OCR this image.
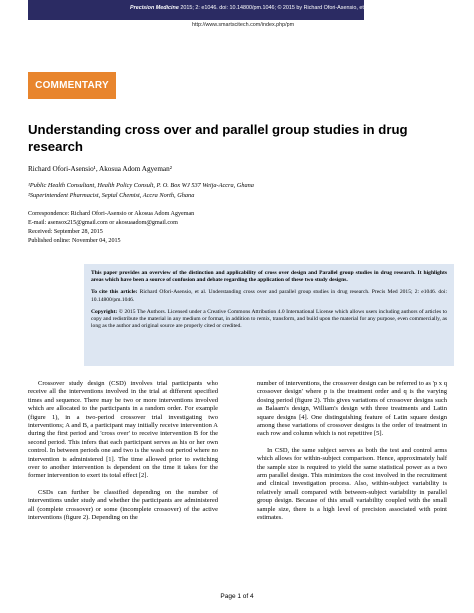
Precision Medicine 2015; 2: e1046. doi: 10.14800/pm.1046; © 2015 by Richard Ofori-Asensio, et al.
http://www.smartscitech.com/index.php/pm
COMMENTARY
Understanding cross over and parallel group studies in drug research
Richard Ofori-Asensio¹, Akosua Adom Agyeman²
¹Public Health Consultant, Health Policy Consult, P. O. Box WJ 537 Weija-Accra, Ghana
²Superintendent Pharmacist, Septal Chemist, Accra North, Ghana
Correspondence: Richard Ofori-Asensio or Akosua Adom Agyeman
E-mail: asensox215@gmail.com or akosuaadom@gmail.com
Received: September 28, 2015
Published online: November 04, 2015

This paper provides an overview of the distinction and applicability of cross over design and Parallel group studies in drug research. It highlights areas which have been a source of confusion and debate regarding the application of these two study designs.

To cite this article: Richard Ofori-Asensio, et al. Understanding cross over and parallel group studies in drug research. Precis Med 2015; 2: e1046. doi: 10.14800/pm.1046.

Copyright: © 2015 The Authors. Licensed under a Creative Commons Attribution 4.0 International License which allows users including authors of articles to copy and redistribute the material in any medium or format, in addition to remix, transform, and build upon the material for any purpose, even commercially, as long as the author and original source are properly cited or credited.

Crossover study design (CSD) involves trial participants who receive all the interventions involved in the trial at different specified times and sequence. There may be two or more interventions involved which are allocated to the participants in a random order. For example (figure 1), in a two-period crossover trial investigating two interventions; A and B, a participant may initially receive intervention A during the first period and 'cross over' to receive intervention B for the second period. This infers that each participant serves as his or her own control. In between periods one and two is the wash out period where no intervention is administered [1]. The time allowed prior to switching over to another intervention is dependent on the time it takes for the former intervention to exert its total effect [2].

CSDs can further be classified depending on the number of interventions under study and whether the participants are administered all (complete crossover) or some (incomplete crossover) of the active interventions (figure 2). Depending on the

number of interventions, the crossover design can be referred to as 'p x q crossover design' where p is the treatment order and q is the varying dosing period (figure 2). This gives variations of crossover designs such as Balaam's design, William's design with three treatments and Latin square designs [4]. One distinguishing feature of Latin square design among these variations of crossover designs is the order of treatment in each row and column which is not repetitive [5].

In CSD, the same subject serves as both the test and control arms which allows for within-subject comparison. Hence, approximately half the sample size is required to yield the same statistical power as a two arm parallel design. This minimizes the cost involved in the recruitment and clinical investigation process. Also, within-subject variability is relatively small compared with between-subject variability in parallel group design. Because of this small variability coupled with the small sample size, there is a high level of precision associated with point estimates.

Page 1 of 4
